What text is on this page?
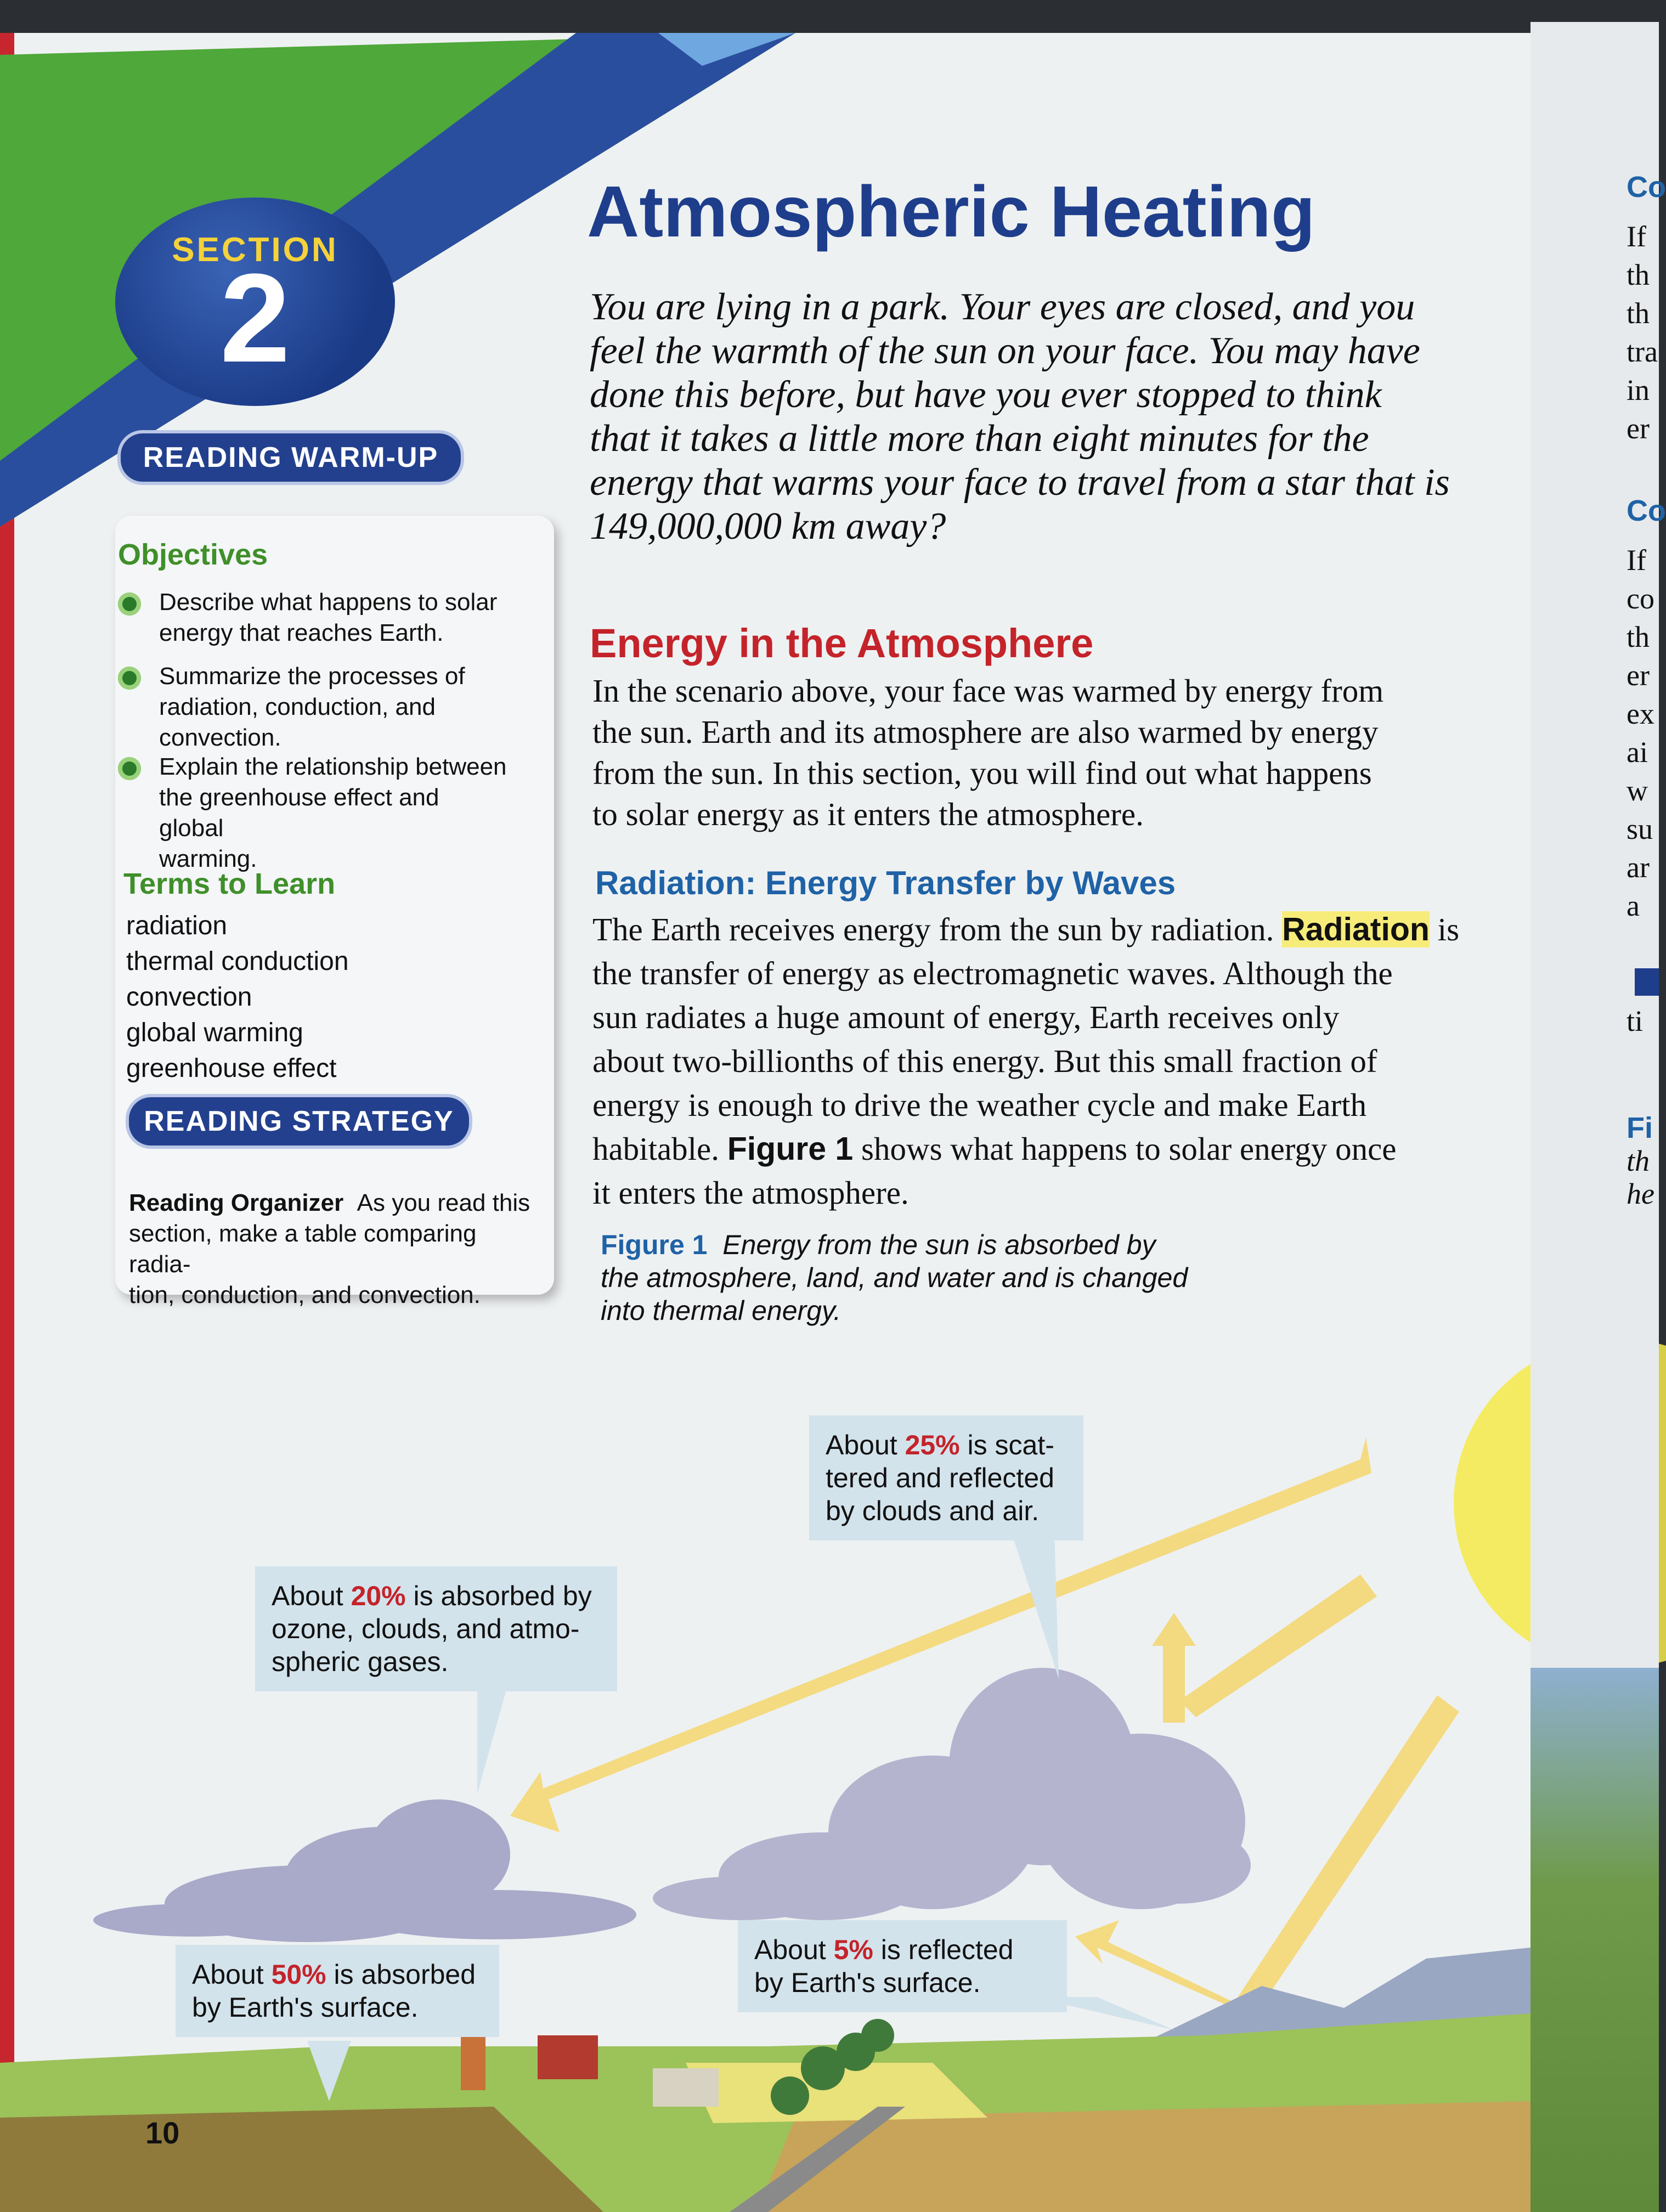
SECTION
2
Objectives
Describe what happens to solar
energy that reaches Earth.
Summarize the processes of
radiation, conduction, and
convection.
Explain the relationship between
the greenhouse effect and global
warming.
Terms to Learn
radiation
thermal conduction
convection
global warming
greenhouse effect
Reading Organizer As you read this
section, make a table comparing radia-
tion, conduction, and convection.
READING WARM-UP
READING STRATEGY
Atmospheric Heating
You are lying in a park. Your eyes are closed, and you
feel the warmth of the sun on your face. You may have
done this before, but have you ever stopped to think
that it takes a little more than eight minutes for the
energy that warms your face to travel from a star that is
149,000,000 km away?
Energy in the Atmosphere
In the scenario above, your face was warmed by energy from
the sun. Earth and its atmosphere are also warmed by energy
from the sun. In this section, you will find out what happens
to solar energy as it enters the atmosphere.
Radiation: Energy Transfer by Waves
The Earth receives energy from the sun by radiation. Radiation is
the transfer of energy as electromagnetic waves. Although the
sun radiates a huge amount of energy, Earth receives only
about two-billionths of this energy. But this small fraction of
energy is enough to drive the weather cycle and make Earth
habitable. Figure 1 shows what happens to solar energy once
it enters the atmosphere.
Figure 1 Energy from the sun is absorbed by
the atmosphere, land, and water and is changed
into thermal energy.
About 25% is scat-
tered and reflected
by clouds and air.
About 20% is absorbed by
ozone, clouds, and atmo-
spheric gases.
About 50% is absorbed
by Earth's surface.
About 5% is reflected
by Earth's surface.
10
Co
If
th
th
tra
in
er
Co
If
co
th
er
ex
ai
w
su
ar
a
ti
Fi
th
he
